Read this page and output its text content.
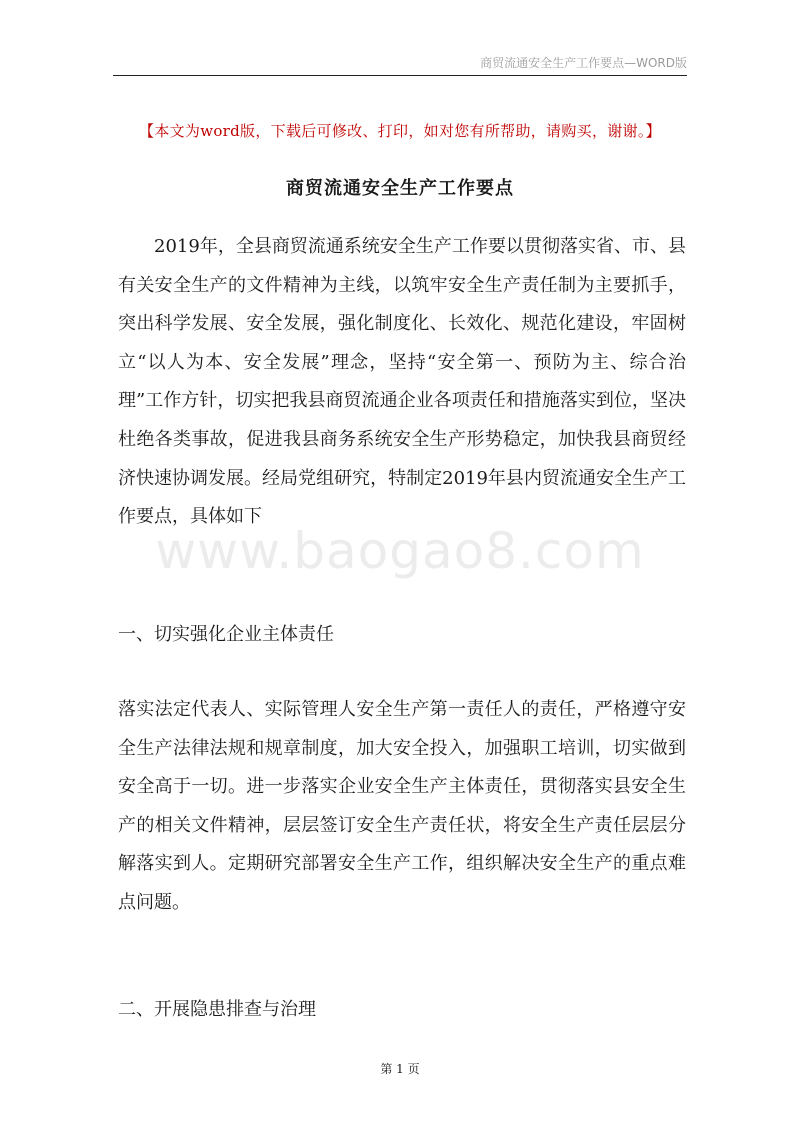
商贸流通安全生产工作要点—WORD版
【本文为word版，下载后可修改、打印，如对您有所帮助，请购买，谢谢。】
商贸流通安全生产工作要点

2019年，全县商贸流通系统安全生产工作要以贯彻落实省、市、县有关安全生产的文件精神为主线，以筑牢安全生产责任制为主要抓手，突出科学发展、安全发展，强化制度化、长效化、规范化建设，牢固树立“以人为本、安全发展”理念，坚持“安全第一、预防为主、综合治理”工作方针，切实把我县商贸流通企业各项责任和措施落实到位，坚决杜绝各类事故，促进我县商务系统安全生产形势稳定，加快我县商贸经济快速协调发展。经局党组研究，特制定2019年县内贸流通安全生产工作要点，具体如下

www.baogao8.com
一、切实强化企业主体责任

落实法定代表人、实际管理人安全生产第一责任人的责任，严格遵守安全生产法律法规和规章制度，加大安全投入，加强职工培训，切实做到安全高于一切。进一步落实企业安全生产主体责任，贯彻落实县安全生产的相关文件精神，层层签订安全生产责任状，将安全生产责任层层分解落实到人。定期研究部署安全生产工作，组织解决安全生产的重点难点问题。

二、开展隐患排查与治理
第 1 页
